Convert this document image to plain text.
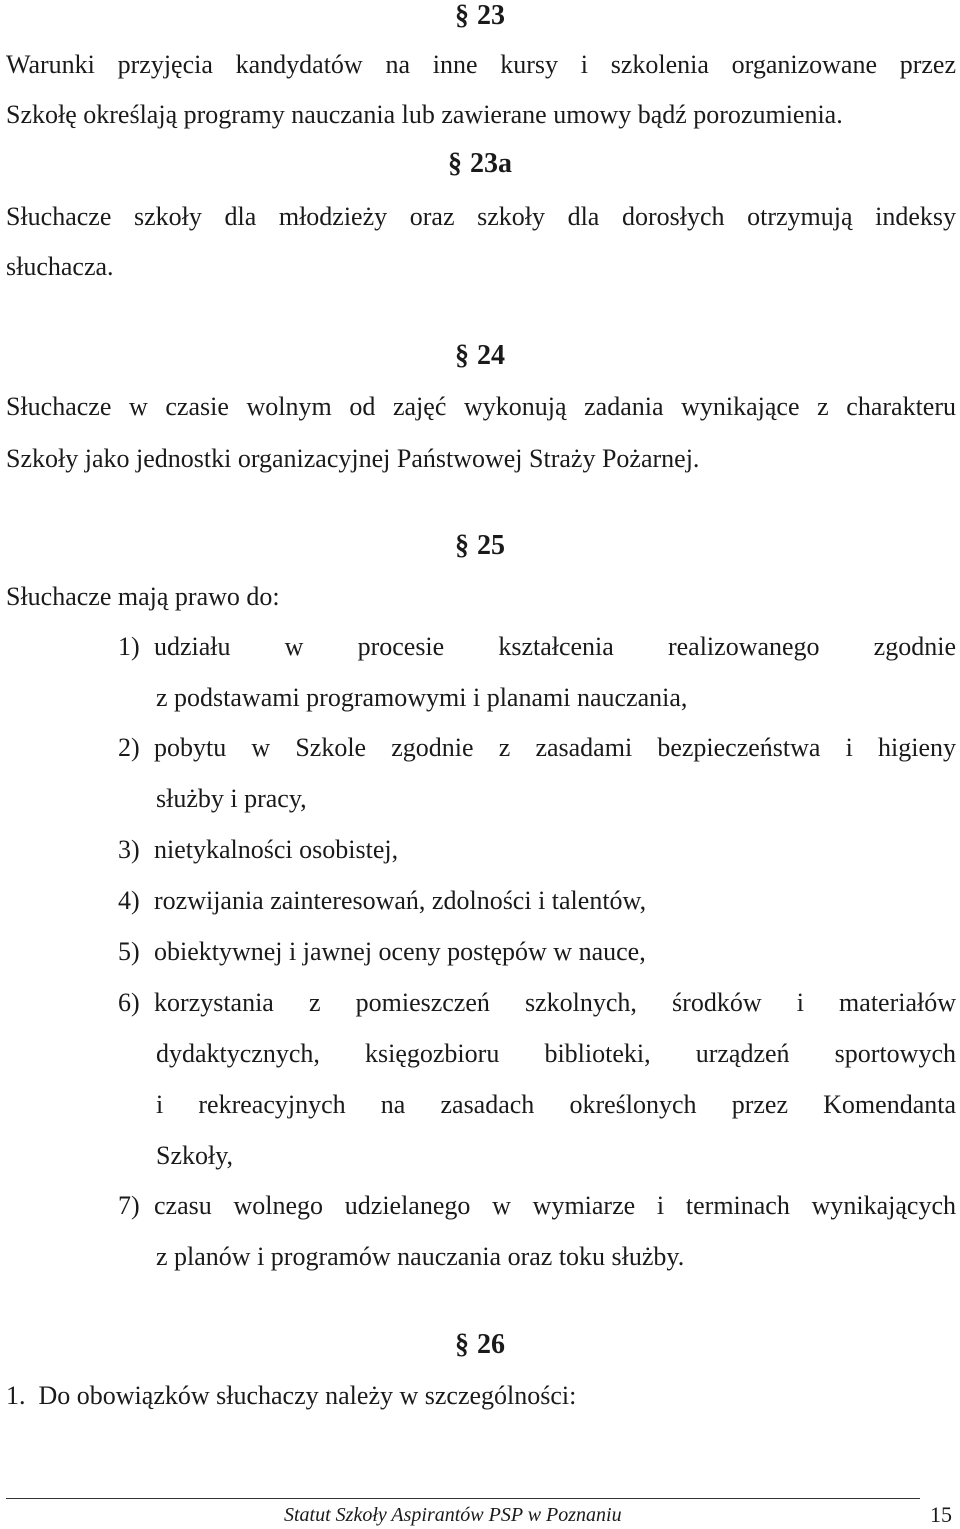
§ 23
Warunki przyjęcia kandydatów na inne kursy i szkolenia organizowane przez
Szkołę określają programy nauczania lub zawierane umowy bądź porozumienia.
§ 23a
Słuchacze szkoły dla młodzieży oraz szkoły dla dorosłych otrzymują indeksy
słuchacza.
§ 24
Słuchacze w czasie wolnym od zajęć wykonują zadania wynikające z charakteru
Szkoły jako jednostki organizacyjnej Państwowej Straży Pożarnej.
§ 25
Słuchacze mają prawo do:
1) udziału w procesie kształcenia realizowanego zgodnie
z podstawami programowymi i planami nauczania,
2) pobytu w Szkole zgodnie z zasadami bezpieczeństwa i higieny
służby i pracy,
3) nietykalności osobistej,
4) rozwijania zainteresowań, zdolności i talentów,
5) obiektywnej i jawnej oceny postępów w nauce,
6) korzystania z pomieszczeń szkolnych, środków i materiałów
dydaktycznych, księgozbioru biblioteki, urządzeń sportowych
i rekreacyjnych na zasadach określonych przez Komendanta
Szkoły,
7) czasu wolnego udzielanego w wymiarze i terminach wynikających
z planów i programów nauczania oraz toku służby.
§ 26
1. Do obowiązków słuchaczy należy w szczególności:
Statut Szkoły Aspirantów PSP w Poznaniu	15
